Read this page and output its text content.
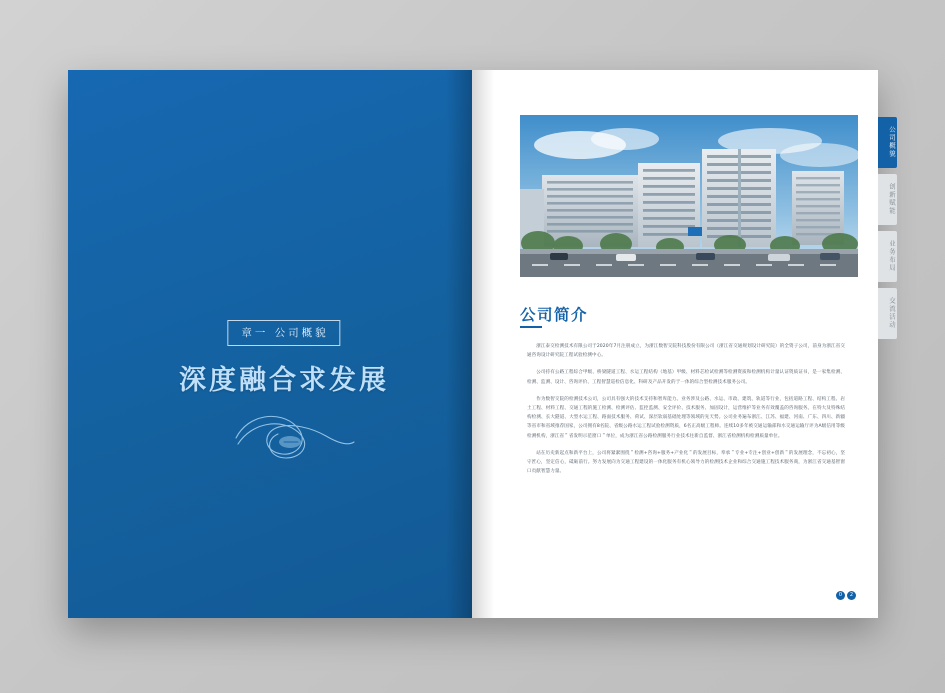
章一 公司概貌
深度融合求发展
公司简介

浙江泰交检测技术有限公司于2020年7月注册成立，为浙江数智交院科技股份有限公司（浙江省交通规划设计研究院）的全资子公司，前身为浙江省交通咨询设计研究院工程试验检测中心。

公司持有公路工程综合甲级、桥梁隧道工程、水运工程结构（地基）甲级、材料芯检试检测等检测资质和检测机构计量认证资质证书，是一家集检测、检测、监测、设计、咨询评价、工程智慧巡检信息化、科研及产品开发的于一体的综合型检测技术服务公司。

作为数智交院的检测技术公司，公司具有强大的技术支持和智库能力。业务涉及公路、水运、市政、建筑、轨道等行业，包括道路工程、结构工程、岩土工程、材料工程、交通工程的施工检测、检测评估、监控监测、安全评价、技术服务、加固设计，运营维护等业务有效覆盖的咨询服务。在特大及特殊结构检测、长大隧道、大型水运工程、路面技术服务、荷试、深层软弱基础处理等领域的先天势。公司业务遍布浙江、江苏、福建、河南、广东、四川、新疆等省市和省域推荐国家，公司拥有8名院、省级公路水运工程试验检测资质，6名正高级工程师。连续10多年被交通运输部和水交通运输厅评为A级信用等级检测机构，浙江省＂省发明示范窗口＂单位，成为浙江省公路检测服务行业技术往新自监督、浙江省检测机构检测质量单位。

站在历史新起点和新平台上，公司将紧紧围绕＂检测+咨询+服务+产业化＂的发展目标，奉承＂专业+专注+创业+创新＂的发展理念，不忘初心，坚守匠心，坚定信心，砥砺前行。努力发展向为交通工程建设的一体化服务有机心领导力的检测技术企业和综合交通施工程技术服务商，为浙江省交通基智窗口贡献智慧力量。

0	2
公司概貌
创新赋能
业务布局
交流活动
